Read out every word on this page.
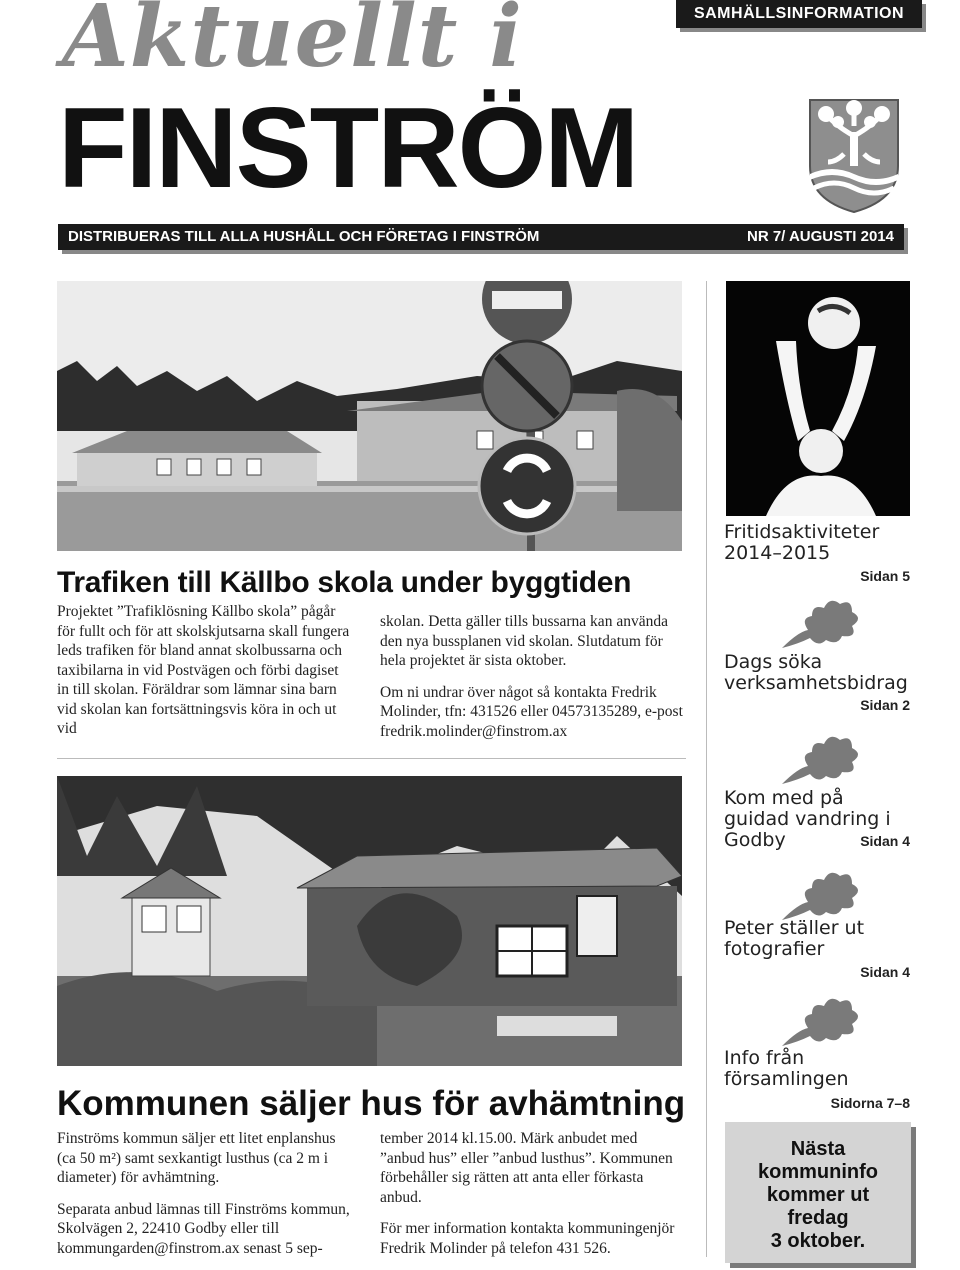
Aktuellt i
FINSTRÖM
SAMHÄLLSINFORMATION
DISTRIBUERAS TILL ALLA HUSHÅLL OCH FÖRETAG I FINSTRÖM	NR 7/ AUGUSTI 2014
Trafiken till Källbo skola under byggtiden

Projektet ”Trafiklösning Källbo skola” pågår för fullt och för att skolskjutsarna skall fungera leds trafiken för bland annat skolbussarna och taxibilarna in vid Postvägen och förbi dagiset in till skolan. Föräldrar som lämnar sina barn vid skolan kan fortsättningsvis köra in och ut vid

skolan. Detta gäller tills bussarna kan använda den nya bussplanen vid skolan. Slutdatum för hela projektet är sista oktober.

Om ni undrar över något så kontakta Fredrik Molinder, tfn: 431526 eller 04573135289, e-post fredrik.molinder@finstrom.ax

Kommunen säljer hus för avhämtning

Finströms kommun säljer ett litet enplanshus (ca 50 m²) samt sexkantigt lusthus (ca 2 m i diameter) för avhämtning.

Separata anbud lämnas till Finströms kommun, Skolvägen 2, 22410 Godby eller till kommungarden@finstrom.ax senast 5 sep-

tember 2014 kl.15.00. Märk anbudet med ”anbud hus” eller ”anbud lusthus”. Kommunen förbehåller sig rätten att anta eller förkasta anbud.

För mer information kontakta kommuningenjör Fredrik Molinder på telefon 431 526.

Fritidsaktiviteter 2014–2015
Sidan 5
Dags söka verksamhetsbidrag
Sidan 2
Kom med på guidad vandring i Godby	Sidan 4
Peter ställer ut fotografier
Sidan 4
Info från församlingen
Sidorna 7–8
Nästa
kommuninfo
kommer ut
fredag
3 oktober.
